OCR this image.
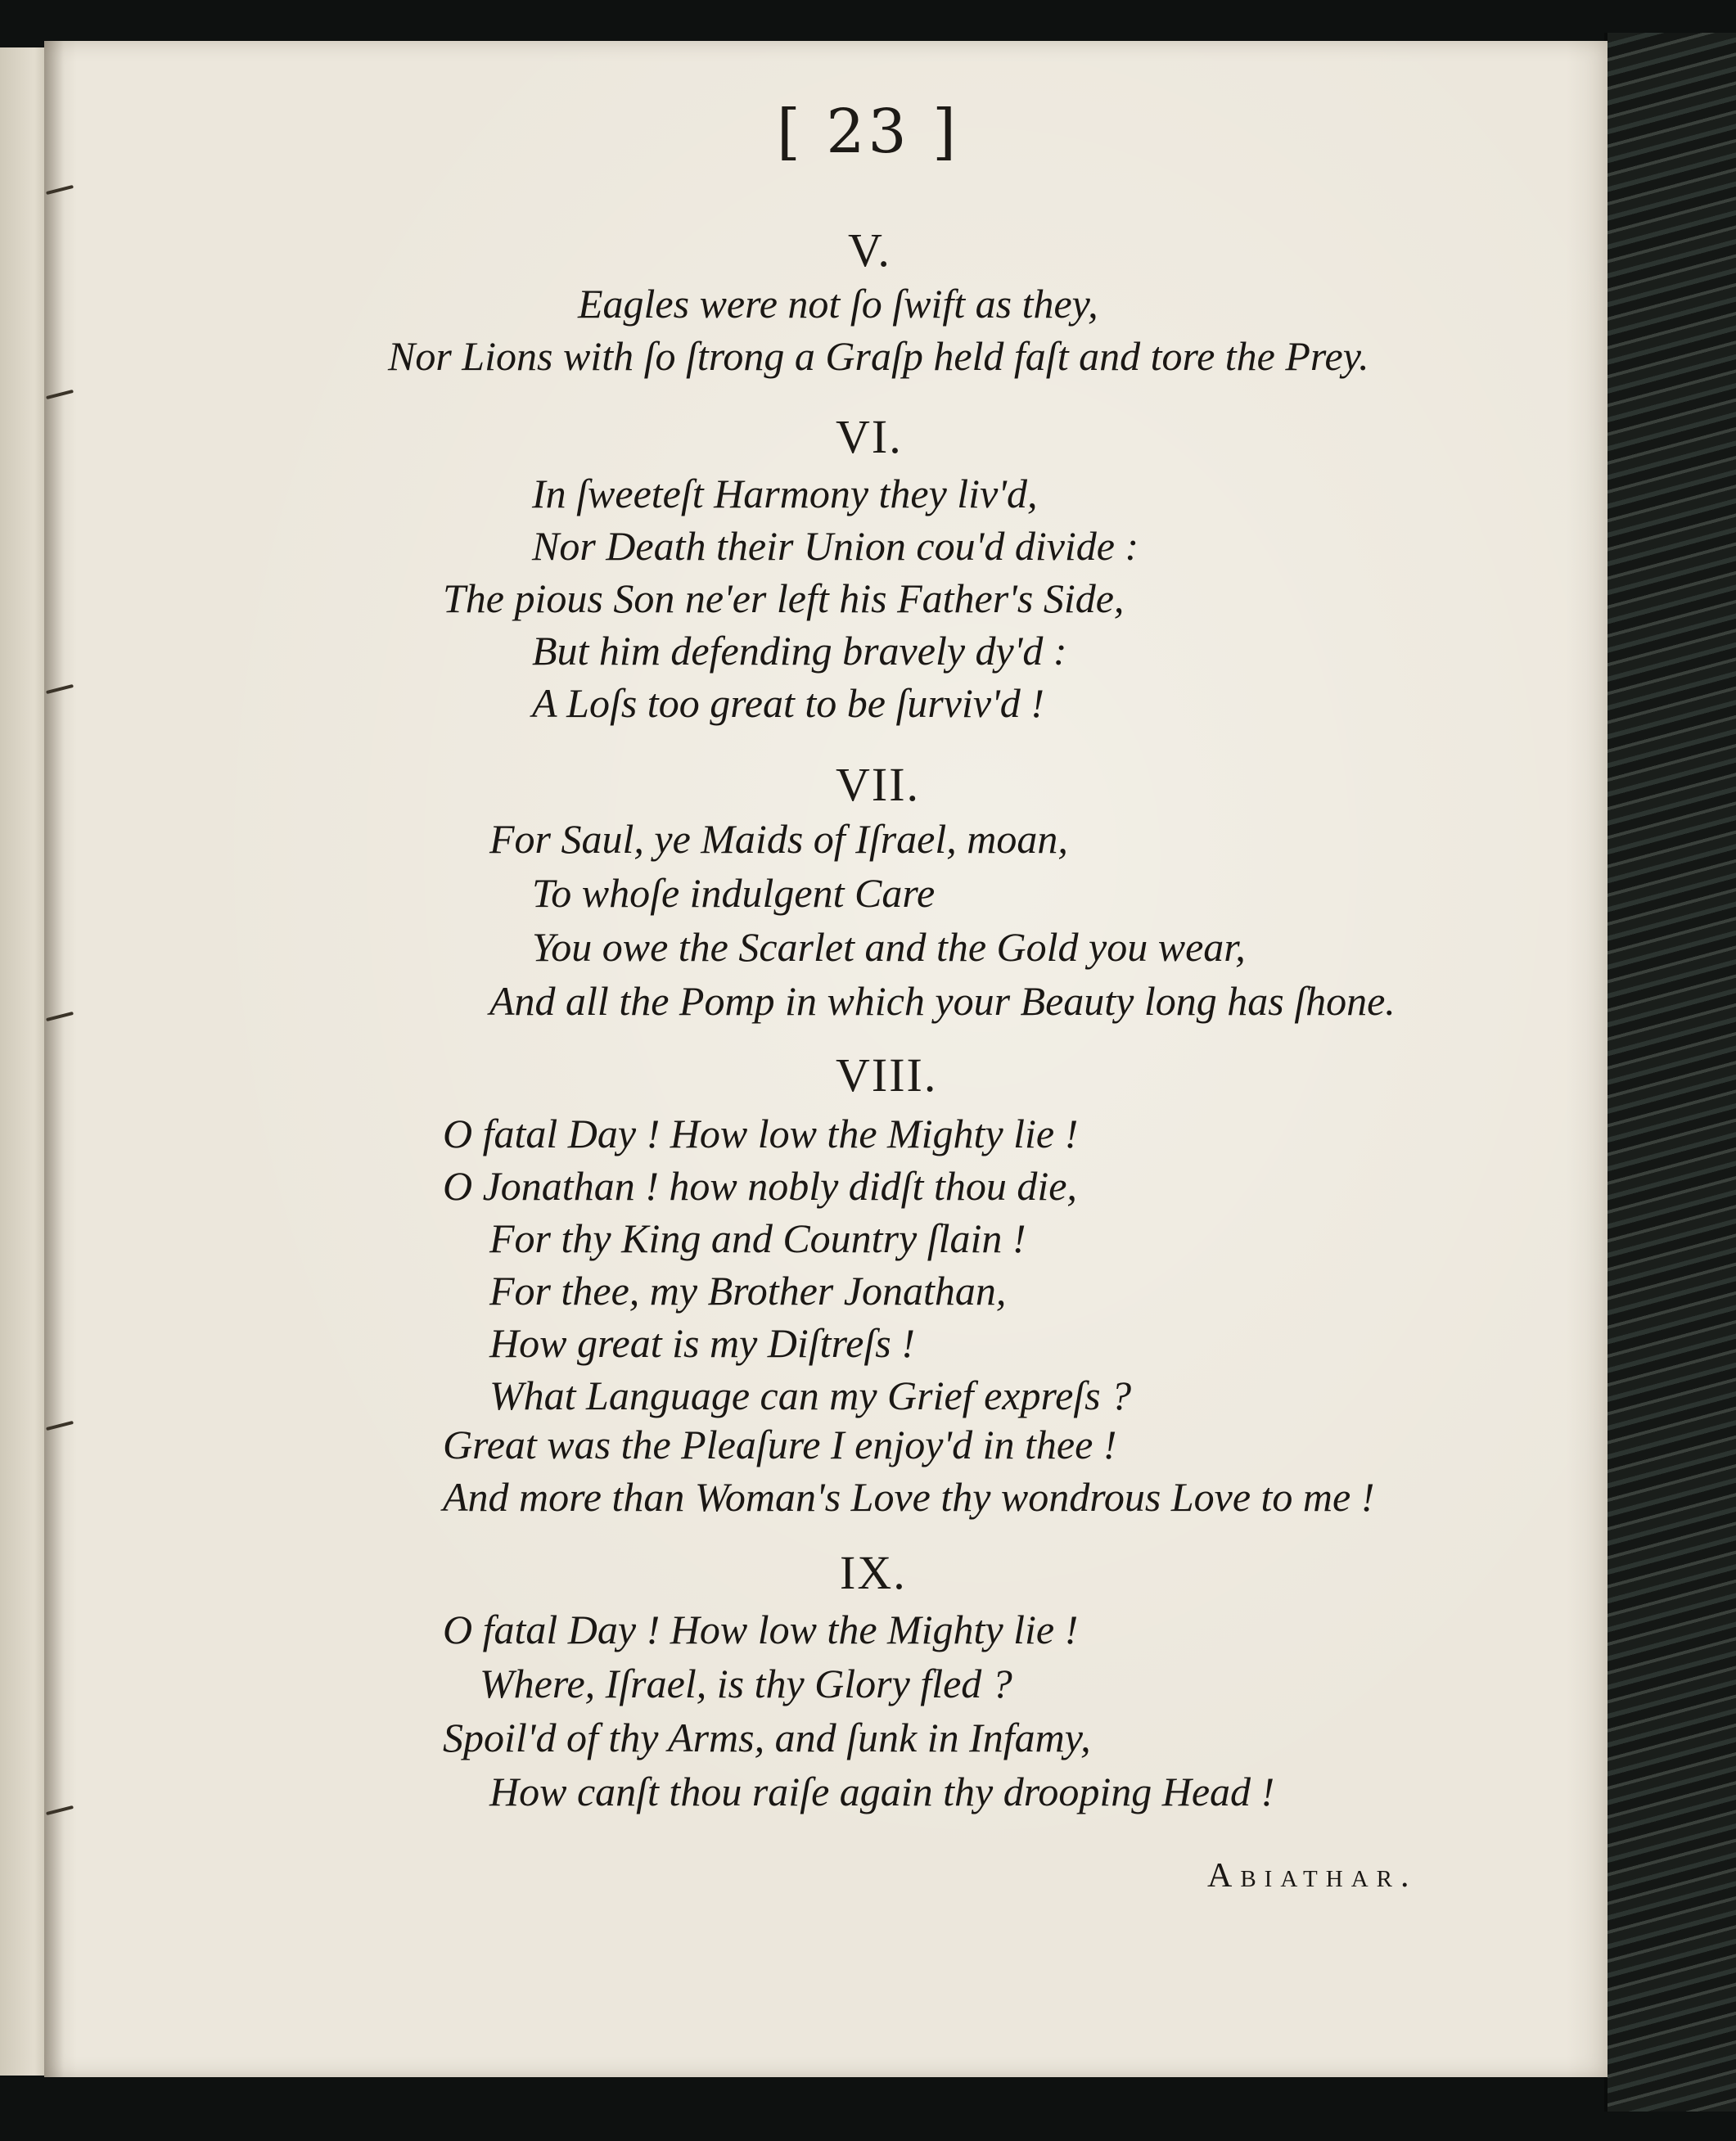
[ 23 ]
V.
Eagles were not ſo ſwift as they,
Nor Lions with ſo ſtrong a Graſp held faſt and tore the Prey.
VI.
In ſweeteſt Harmony they liv'd,
Nor Death their Union cou'd divide :
The pious Son ne'er left his Father's Side,
But him defending bravely dy'd :
A Loſs too great to be ſurviv'd !
VII.
For Saul, ye Maids of Iſrael, moan,
To whoſe indulgent Care
You owe the Scarlet and the Gold you wear,
And all the Pomp in which your Beauty long has ſhone.
VIII.
O fatal Day ! How low the Mighty lie !
O Jonathan ! how nobly didſt thou die,
For thy King and Country ſlain !
For thee, my Brother Jonathan,
How great is my Diſtreſs !
What Language can my Grief expreſs ?
Great was the Pleaſure I enjoy'd in thee !
And more than Woman's Love thy wondrous Love to me !
IX.
O fatal Day ! How low the Mighty lie !
Where, Iſrael, is thy Glory fled ?
Spoil'd of thy Arms, and ſunk in Infamy,
How canſt thou raiſe again thy drooping Head !
Abiathar.
